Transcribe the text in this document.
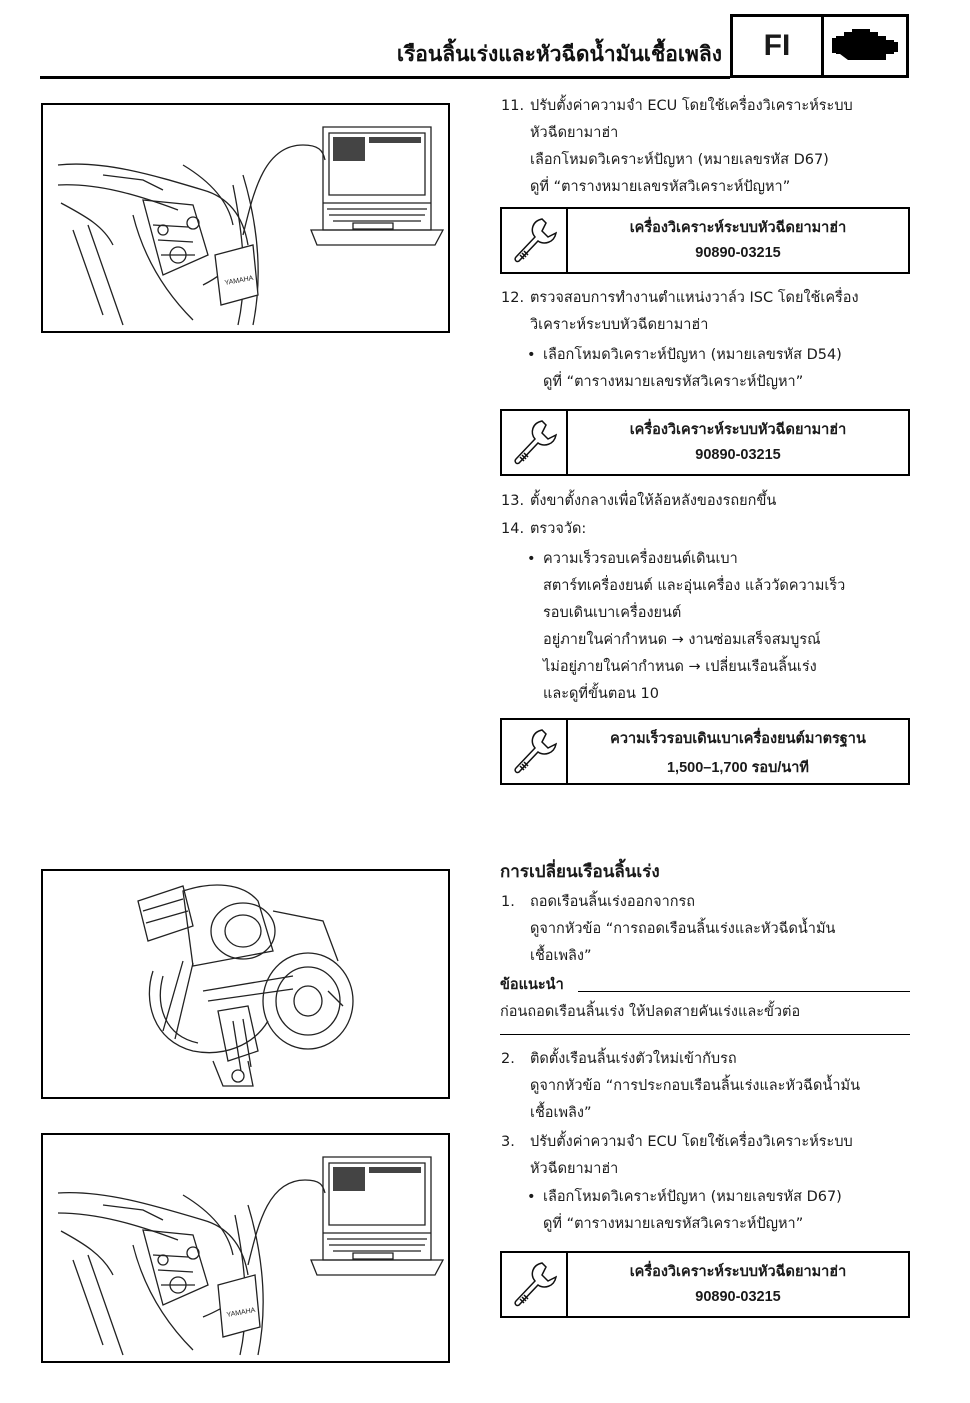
เรือนลิ้นเร่งและหัวฉีดน้ำมันเชื้อเพลิง FI
YAMAHA
11. ปรับตั้งค่าความจำ ECU โดยใช้เครื่องวิเคราะห์ระบบ
หัวฉีดยามาฮ่า
เลือกโหมดวิเคราะห์ปัญหา (หมายเลขรหัส D67)
ดูที่ “ตารางหมายเลขรหัสวิเคราะห์ปัญหา”
เครื่องวิเคราะห์ระบบหัวฉีดยามาฮ่า
90890-03215
12. ตรวจสอบการทำงานตำแหน่งวาล์ว ISC โดยใช้เครื่อง
วิเคราะห์ระบบหัวฉีดยามาฮ่า
• เลือกโหมดวิเคราะห์ปัญหา (หมายเลขรหัส D54)
ดูที่ “ตารางหมายเลขรหัสวิเคราะห์ปัญหา”
เครื่องวิเคราะห์ระบบหัวฉีดยามาฮ่า
90890-03215
13. ตั้งขาตั้งกลางเพื่อให้ล้อหลังของรถยกขึ้น
14. ตรวจวัด:
• ความเร็วรอบเครื่องยนต์เดินเบา
สตาร์ทเครื่องยนต์ และอุ่นเครื่อง แล้ววัดความเร็ว
รอบเดินเบาเครื่องยนต์
อยู่ภายในค่ากำหนด → งานซ่อมเสร็จสมบูรณ์
ไม่อยู่ภายในค่ากำหนด → เปลี่ยนเรือนลิ้นเร่ง
และดูที่ขั้นตอน 10
ความเร็วรอบเดินเบาเครื่องยนต์มาตรฐาน
1,500–1,700 รอบ/นาที
การเปลี่ยนเรือนลิ้นเร่ง
1. ถอดเรือนลิ้นเร่งออกจากรถ
ดูจากหัวข้อ “การถอดเรือนลิ้นเร่งและหัวฉีดน้ำมัน
เชื้อเพลิง”
ข้อแนะนำ
ก่อนถอดเรือนลิ้นเร่ง ให้ปลดสายคันเร่งและขั้วต่อ
2. ติดตั้งเรือนลิ้นเร่งตัวใหม่เข้ากับรถ
ดูจากหัวข้อ “การประกอบเรือนลิ้นเร่งและหัวฉีดน้ำมัน
เชื้อเพลิง”
3. ปรับตั้งค่าความจำ ECU โดยใช้เครื่องวิเคราะห์ระบบ
หัวฉีดยามาฮ่า
• เลือกโหมดวิเคราะห์ปัญหา (หมายเลขรหัส D67)
ดูที่ “ตารางหมายเลขรหัสวิเคราะห์ปัญหา”
เครื่องวิเคราะห์ระบบหัวฉีดยามาฮ่า
90890-03215
YAMAHA
